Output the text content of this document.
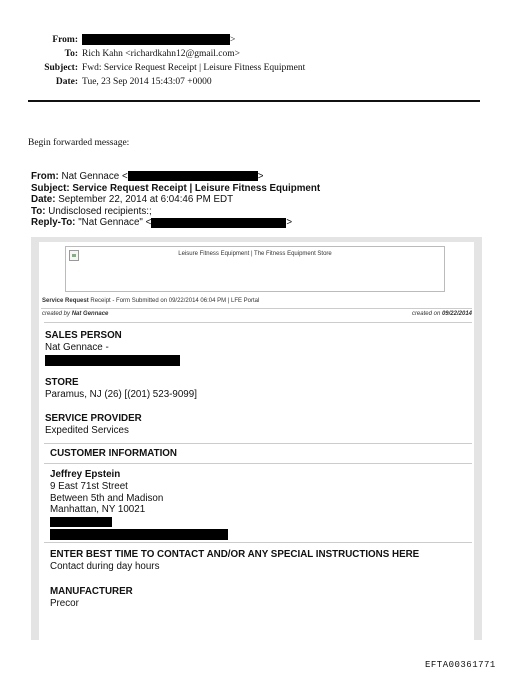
From:	>
To: Rich Kahn <richardkahn12@gmail.com>
Subject: Fwd: Service Request Receipt | Leisure Fitness Equipment
Date: Tue, 23 Sep 2014 15:43:07 +0000
Begin forwarded message:
From: Nat Gennace <	>
Subject: Service Request Receipt | Leisure Fitness Equipment
Date: September 22, 2014 at 6:04:46 PM EDT
To: Undisclosed recipients:;
Reply-To: "Nat Gennace" <	>
Leisure Fitness Equipment | The Fitness Equipment Store
Service Request Receipt - Form Submitted on 09/22/2014 06:04 PM | LFE Portal
created by Nat Gennace	created on 09/22/2014
SALES PERSON
Nat Gennace -
STORE
Paramus, NJ (26) [(201) 523-9099]
SERVICE PROVIDER
Expedited Services
CUSTOMER INFORMATION
Jeffrey Epstein
9 East 71st Street
Between 5th and Madison
Manhattan, NY 10021

ENTER BEST TIME TO CONTACT AND/OR ANY SPECIAL INSTRUCTIONS HERE
Contact during day hours
MANUFACTURER
Precor
EFTA00361771
